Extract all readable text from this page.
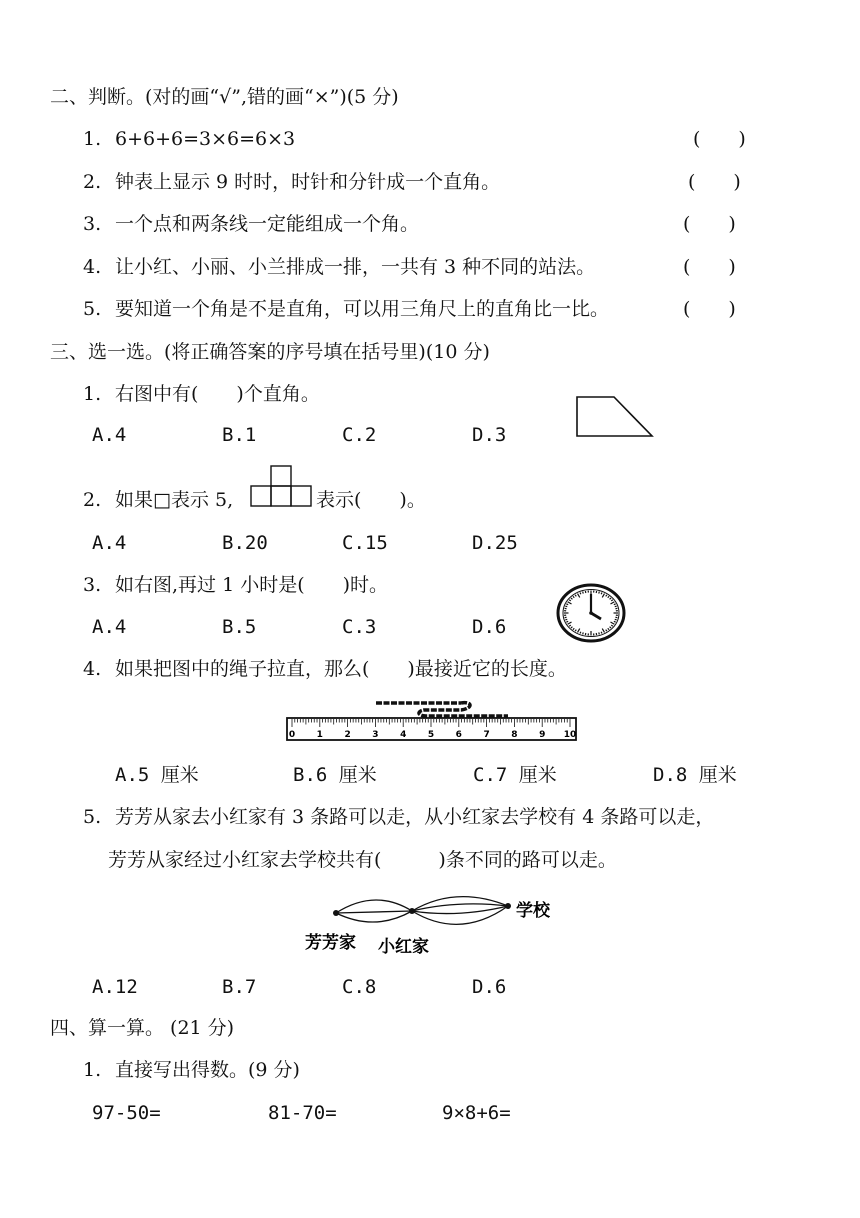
二、判断。(对的画“√”,错的画“×”)(5 分)
1. 6+6+6=3×6=6×3	(　　)
2. 钟表上显示 9 时时，时针和分针成一个直角。	(　　)
3. 一个点和两条线一定能组成一个角。	(　　)
4. 让小红、小丽、小兰排成一排，一共有 3 种不同的站法。	(　　)
5. 要知道一个角是不是直角，可以用三角尺上的直角比一比。	(　　)
三、选一选。(将正确答案的序号填在括号里)(10 分)
1. 右图中有(　　)个直角。
A.4	B.1	C.2	D.3
2. 如果□表示 5,	表示(　　)。
A.4	B.20	C.15	D.25
3. 如右图,再过 1 小时是(　　)时。
A.4	B.5	C.3	D.6
4. 如果把图中的绳子拉直，那么(　　)最接近它的长度。
0 1 2 3 4 5 6 7 8 9 10
A.5 厘米	B.6 厘米	C.7 厘米	D.8 厘米
5. 芳芳从家去小红家有 3 条路可以走，从小红家去学校有 4 条路可以走，
芳芳从家经过小红家去学校共有(　　　)条不同的路可以走。
芳芳家 小红家
学校
A.12	B.7	C.8	D.6
四、算一算。 (21 分)
1. 直接写出得数。(9 分)
97-50=	81-70=	9×8+6=
